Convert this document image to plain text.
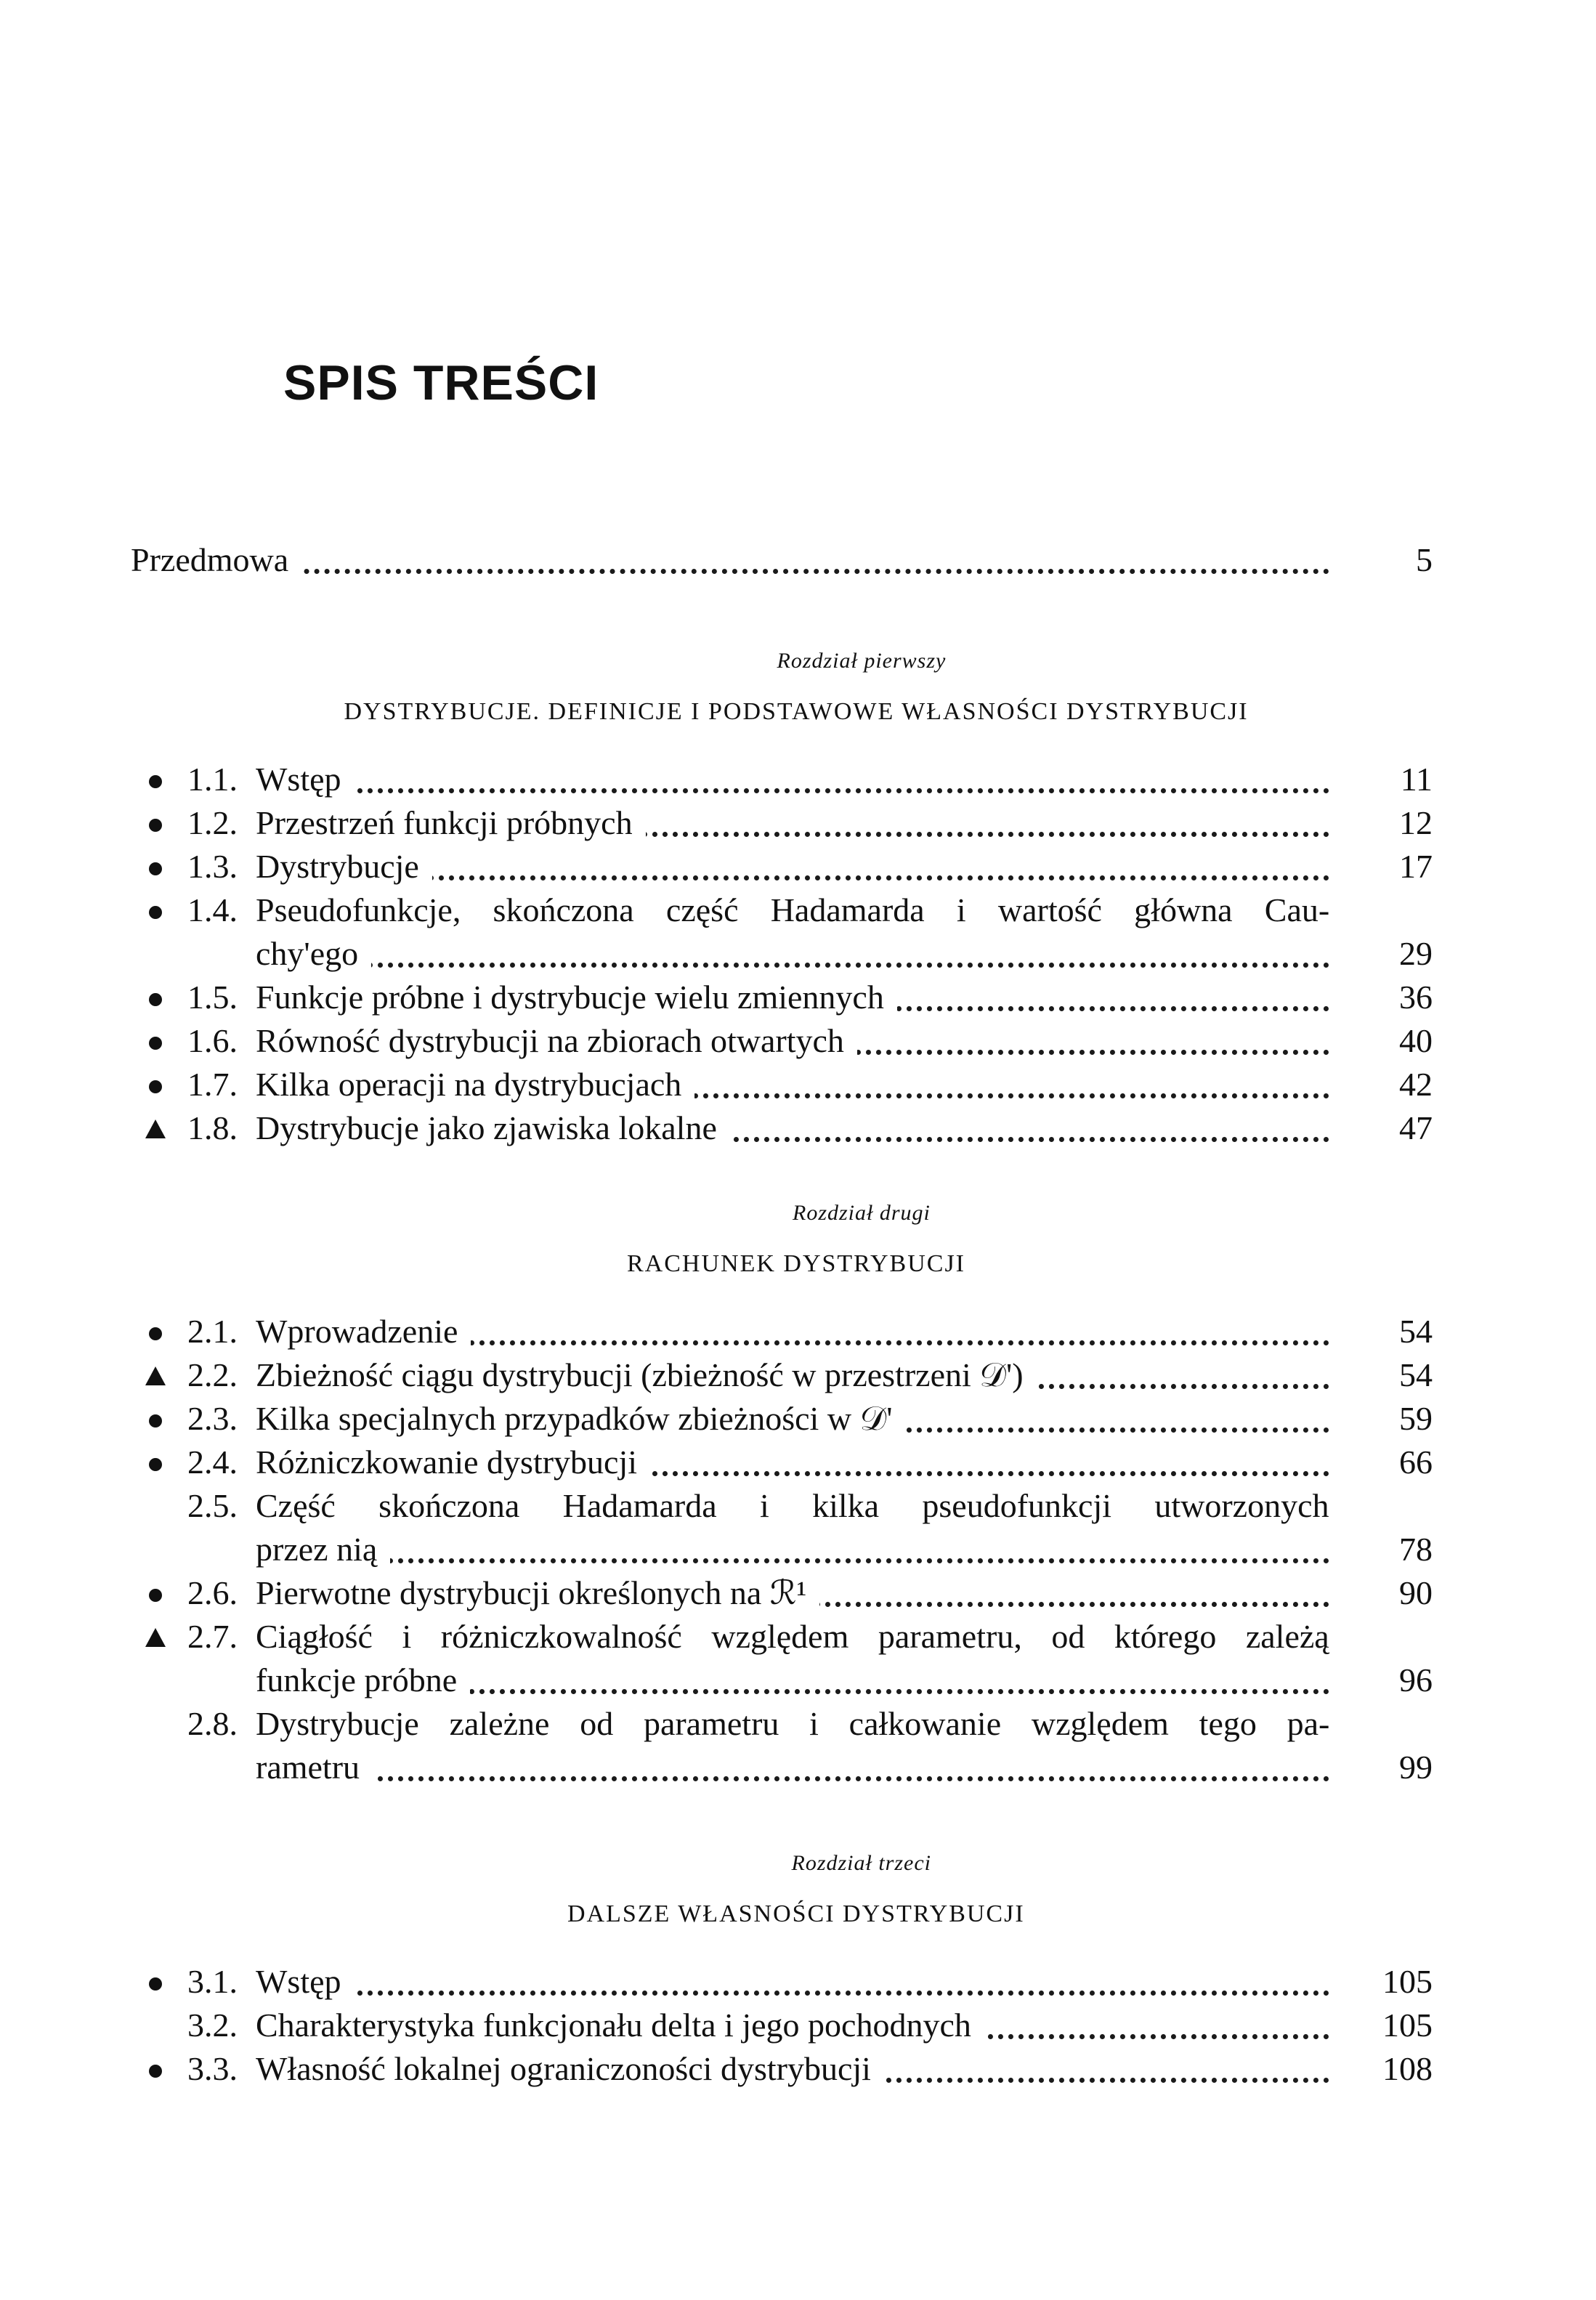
SPIS TREŚCI
Przedmowa	5
Rozdział pierwszy
DYSTRYBUCJE. DEFINICJE I PODSTAWOWE WŁASNOŚCI DYSTRYBUCJI
1.1. Wstęp	11
1.2. Przestrzeń funkcji próbnych	12
1.3. Dystrybucje	17
1.4. Pseudofunkcje, skończona część Hadamarda i wartość główna Cau-
chy'ego	29
1.5. Funkcje próbne i dystrybucje wielu zmiennych	36
1.6. Równość dystrybucji na zbiorach otwartych	40
1.7. Kilka operacji na dystrybucjach	42
1.8. Dystrybucje jako zjawiska lokalne	47
Rozdział drugi
RACHUNEK DYSTRYBUCJI
2.1. Wprowadzenie	54
2.2. Zbieżność ciągu dystrybucji (zbieżność w przestrzeni 𝒟')	54
2.3. Kilka specjalnych przypadków zbieżności w 𝒟'	59
2.4. Różniczkowanie dystrybucji	66
2.5. Część skończona Hadamarda i kilka pseudofunkcji utworzonych
przez nią	78
2.6. Pierwotne dystrybucji określonych na ℛ¹	90
2.7. Ciągłość i różniczkowalność względem parametru, od którego zależą
funkcje próbne	96
2.8. Dystrybucje zależne od parametru i całkowanie względem tego pa-
rametru	99
Rozdział trzeci
DALSZE WŁASNOŚCI DYSTRYBUCJI
3.1. Wstęp	105
3.2. Charakterystyka funkcjonału delta i jego pochodnych	105
3.3. Własność lokalnej ograniczoności dystrybucji	108
